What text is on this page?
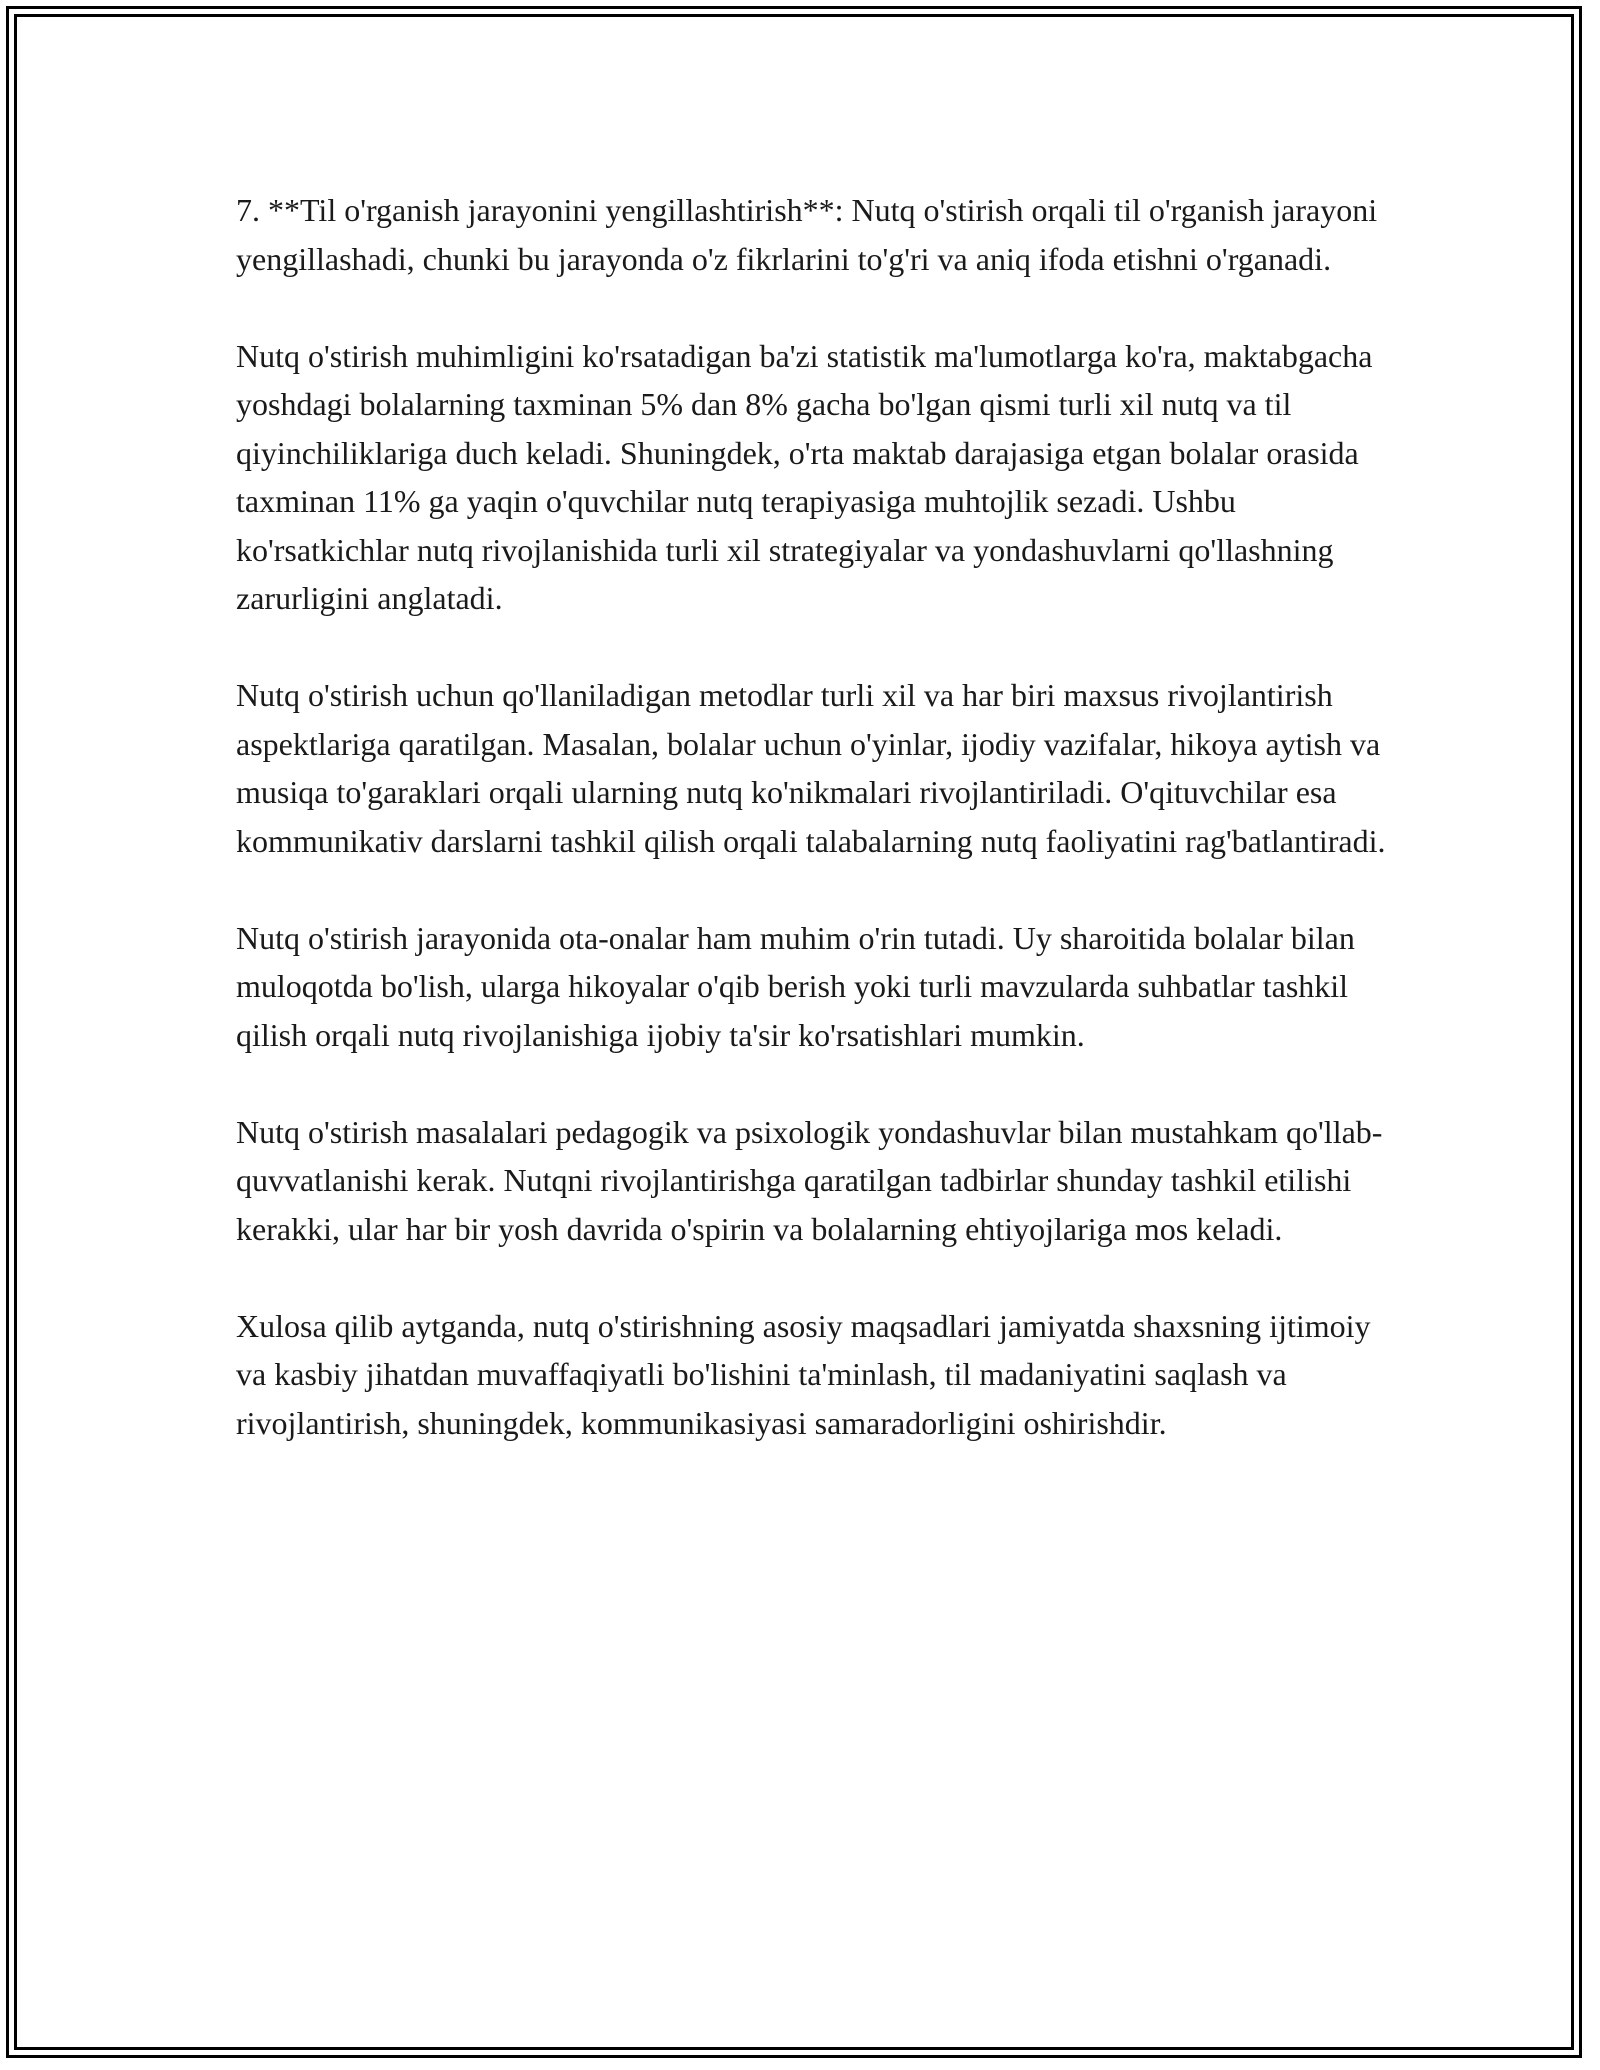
7. **Til o'rganish jarayonini yengillashtirish**: Nutq o'stirish orqali til o'rganish jarayoni yengillashadi, chunki bu jarayonda o'z fikrlarini to'g'ri va aniq ifoda etishni o'rganadi.

Nutq o'stirish muhimligini ko'rsatadigan ba'zi statistik ma'lumotlarga ko'ra, maktabgacha yoshdagi bolalarning taxminan 5% dan 8% gacha bo'lgan qismi turli xil nutq va til qiyinchiliklariga duch keladi. Shuningdek, o'rta maktab darajasiga etgan bolalar orasida taxminan 11% ga yaqin o'quvchilar nutq terapiyasiga muhtojlik sezadi. Ushbu ko'rsatkichlar nutq rivojlanishida turli xil strategiyalar va yondashuvlarni qo'llashning zarurligini anglatadi.

Nutq o'stirish uchun qo'llaniladigan metodlar turli xil va har biri maxsus rivojlantirish aspektlariga qaratilgan. Masalan, bolalar uchun o'yinlar, ijodiy vazifalar, hikoya aytish va musiqa to'garaklari orqali ularning nutq ko'nikmalari rivojlantiriladi. O'qituvchilar esa kommunikativ darslarni tashkil qilish orqali talabalarning nutq faoliyatini rag'batlantiradi.

Nutq o'stirish jarayonida ota-onalar ham muhim o'rin tutadi. Uy sharoitida bolalar bilan muloqotda bo'lish, ularga hikoyalar o'qib berish yoki turli mavzularda suhbatlar tashkil qilish orqali nutq rivojlanishiga ijobiy ta'sir ko'rsatishlari mumkin.

Nutq o'stirish masalalari pedagogik va psixologik yondashuvlar bilan mustahkam qo'llab-quvvatlanishi kerak. Nutqni rivojlantirishga qaratilgan tadbirlar shunday tashkil etilishi kerakki, ular har bir yosh davrida o'spirin va bolalarning ehtiyojlariga mos keladi.

Xulosa qilib aytganda, nutq o'stirishning asosiy maqsadlari jamiyatda shaxsning ijtimoiy va kasbiy jihatdan muvaffaqiyatli bo'lishini ta'minlash, til madaniyatini saqlash va rivojlantirish, shuningdek, kommunikasiyasi samaradorligini oshirishdir.
